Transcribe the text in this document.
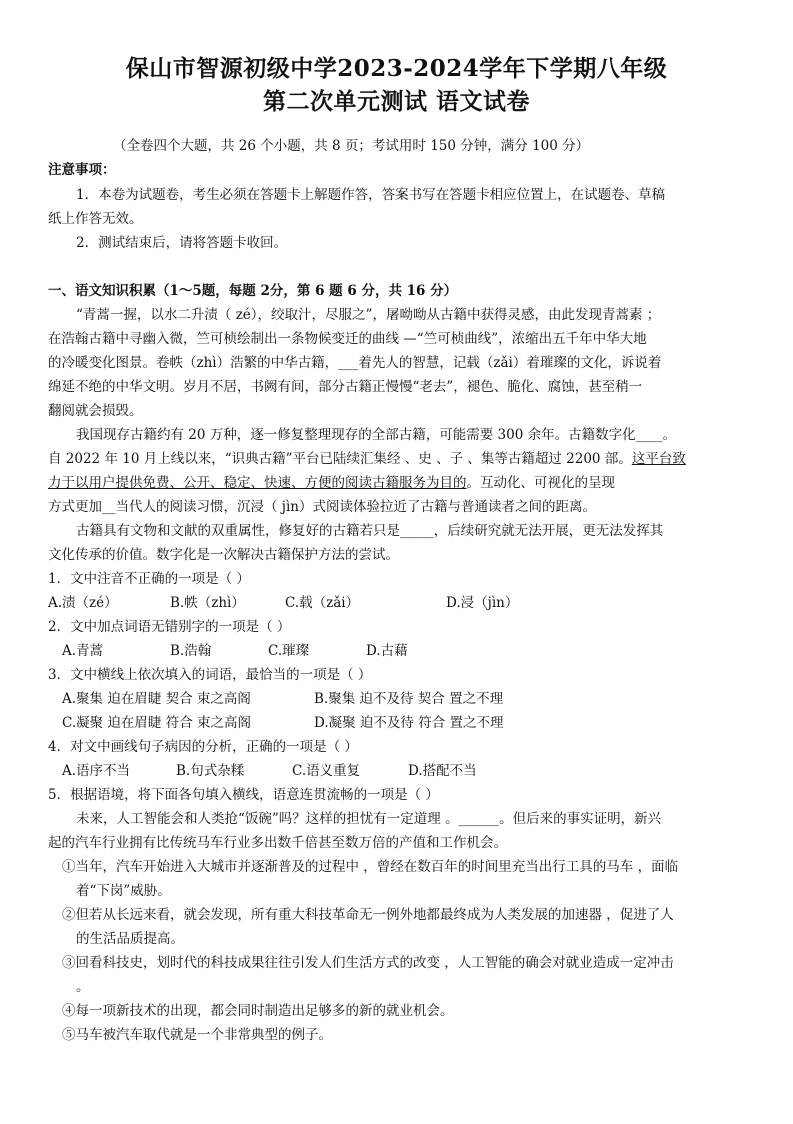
保山市智源初级中学2023-2024学年下学期八年级
第二次单元测试 语文试卷
（全卷四个大题，共 26 个小题，共 8 页；考试用时 150 分钟，满分 100 分）
注意事项：
1．本卷为试题卷，考生必须在答题卡上解题作答，答案书写在答题卡相应位置上，在试题卷、草稿
纸上作答无效。
2．测试结束后，请将答题卡收回。
一、语文知识积累（1～5题，每题 2分，第 6 题 6 分，共 16 分）
“青蒿一握，以水二升渍（ zé），绞取汁，尽服之”，屠呦呦从古籍中获得灵感，由此发现青蒿素 ；
在浩翰古籍中寻幽入微，竺可桢绘制出一条物候变迁的曲线 —“竺可桢曲线”，浓缩出五千年中华大地
的冷暖变化图景。卷帙（zhì）浩繁的中华古籍，___着先人的智慧，记载（zǎi）着璀璨的文化，诉说着
绵延不绝的中华文明。岁月不居，书阙有间，部分古籍正慢慢“老去”，褪色、脆化、腐蚀，甚至稍一
翻阅就会损毁。
我国现存古籍约有 20 万种，逐一修复整理现存的全部古籍，可能需要 300 余年。古籍数字化____。
自 2022 年 10 月上线以来，“识典古籍”平台已陆续汇集经 、史 、子 、集等古籍超过 2200 部。这平台致
力于以用户提供免费、公开、稳定、快速、方便的阅读古籍服务为目的。互动化、可视化的呈现
方式更加__当代人的阅读习惯，沉浸（ jìn）式阅读体验拉近了古籍与普通读者之间的距离。
古籍具有文物和文献的双重属性，修复好的古籍若只是_____，后续研究就无法开展，更无法发挥其
文化传承的价值。数字化是一次解决古籍保护方法的尝试。
1．文中注音不正确的一项是（ ）
A.渍（zé）	B.帙（zhì）	C.载（zǎi）	D.浸（jìn）
2．文中加点词语无错别字的一项是（ ）
A.青蒿	B.浩翰	C.璀璨	D.古藉
3．文中横线上依次填入的词语，最恰当的一项是（ ）
A.聚集 迫在眉睫 契合 束之高阁	B.聚集 迫不及待 契合 置之不理
C.凝聚 迫在眉睫 符合 束之高阁	D.凝聚 迫不及待 符合 置之不理
4．对文中画线句子病因的分析，正确的一项是（ ）
A.语序不当	B.句式杂糅	C.语义重复	D.搭配不当
5．根据语境，将下面各句填入横线，语意连贯流畅的一项是（ ）
未来，人工智能会和人类抢“饭碗”吗？这样的担忧有一定道理 。______。但后来的事实证明，新兴
起的汽车行业拥有比传统马车行业多出数千倍甚至数万倍的产值和工作机会。
①当年，汽车开始进入大城市并逐渐普及的过程中 ，曾经在数百年的时间里充当出行工具的马车 ，面临
着“下岗”威胁。
②但若从长远来看，就会发现，所有重大科技革命无一例外地都最终成为人类发展的加速器 ，促进了人
的生活品质提高。
③回看科技史，划时代的科技成果往往引发人们生活方式的改变 ，人工智能的确会对就业造成一定冲击
。
④每一项新技术的出现，都会同时制造出足够多的新的就业机会。
⑤马车被汽车取代就是一个非常典型的例子。
